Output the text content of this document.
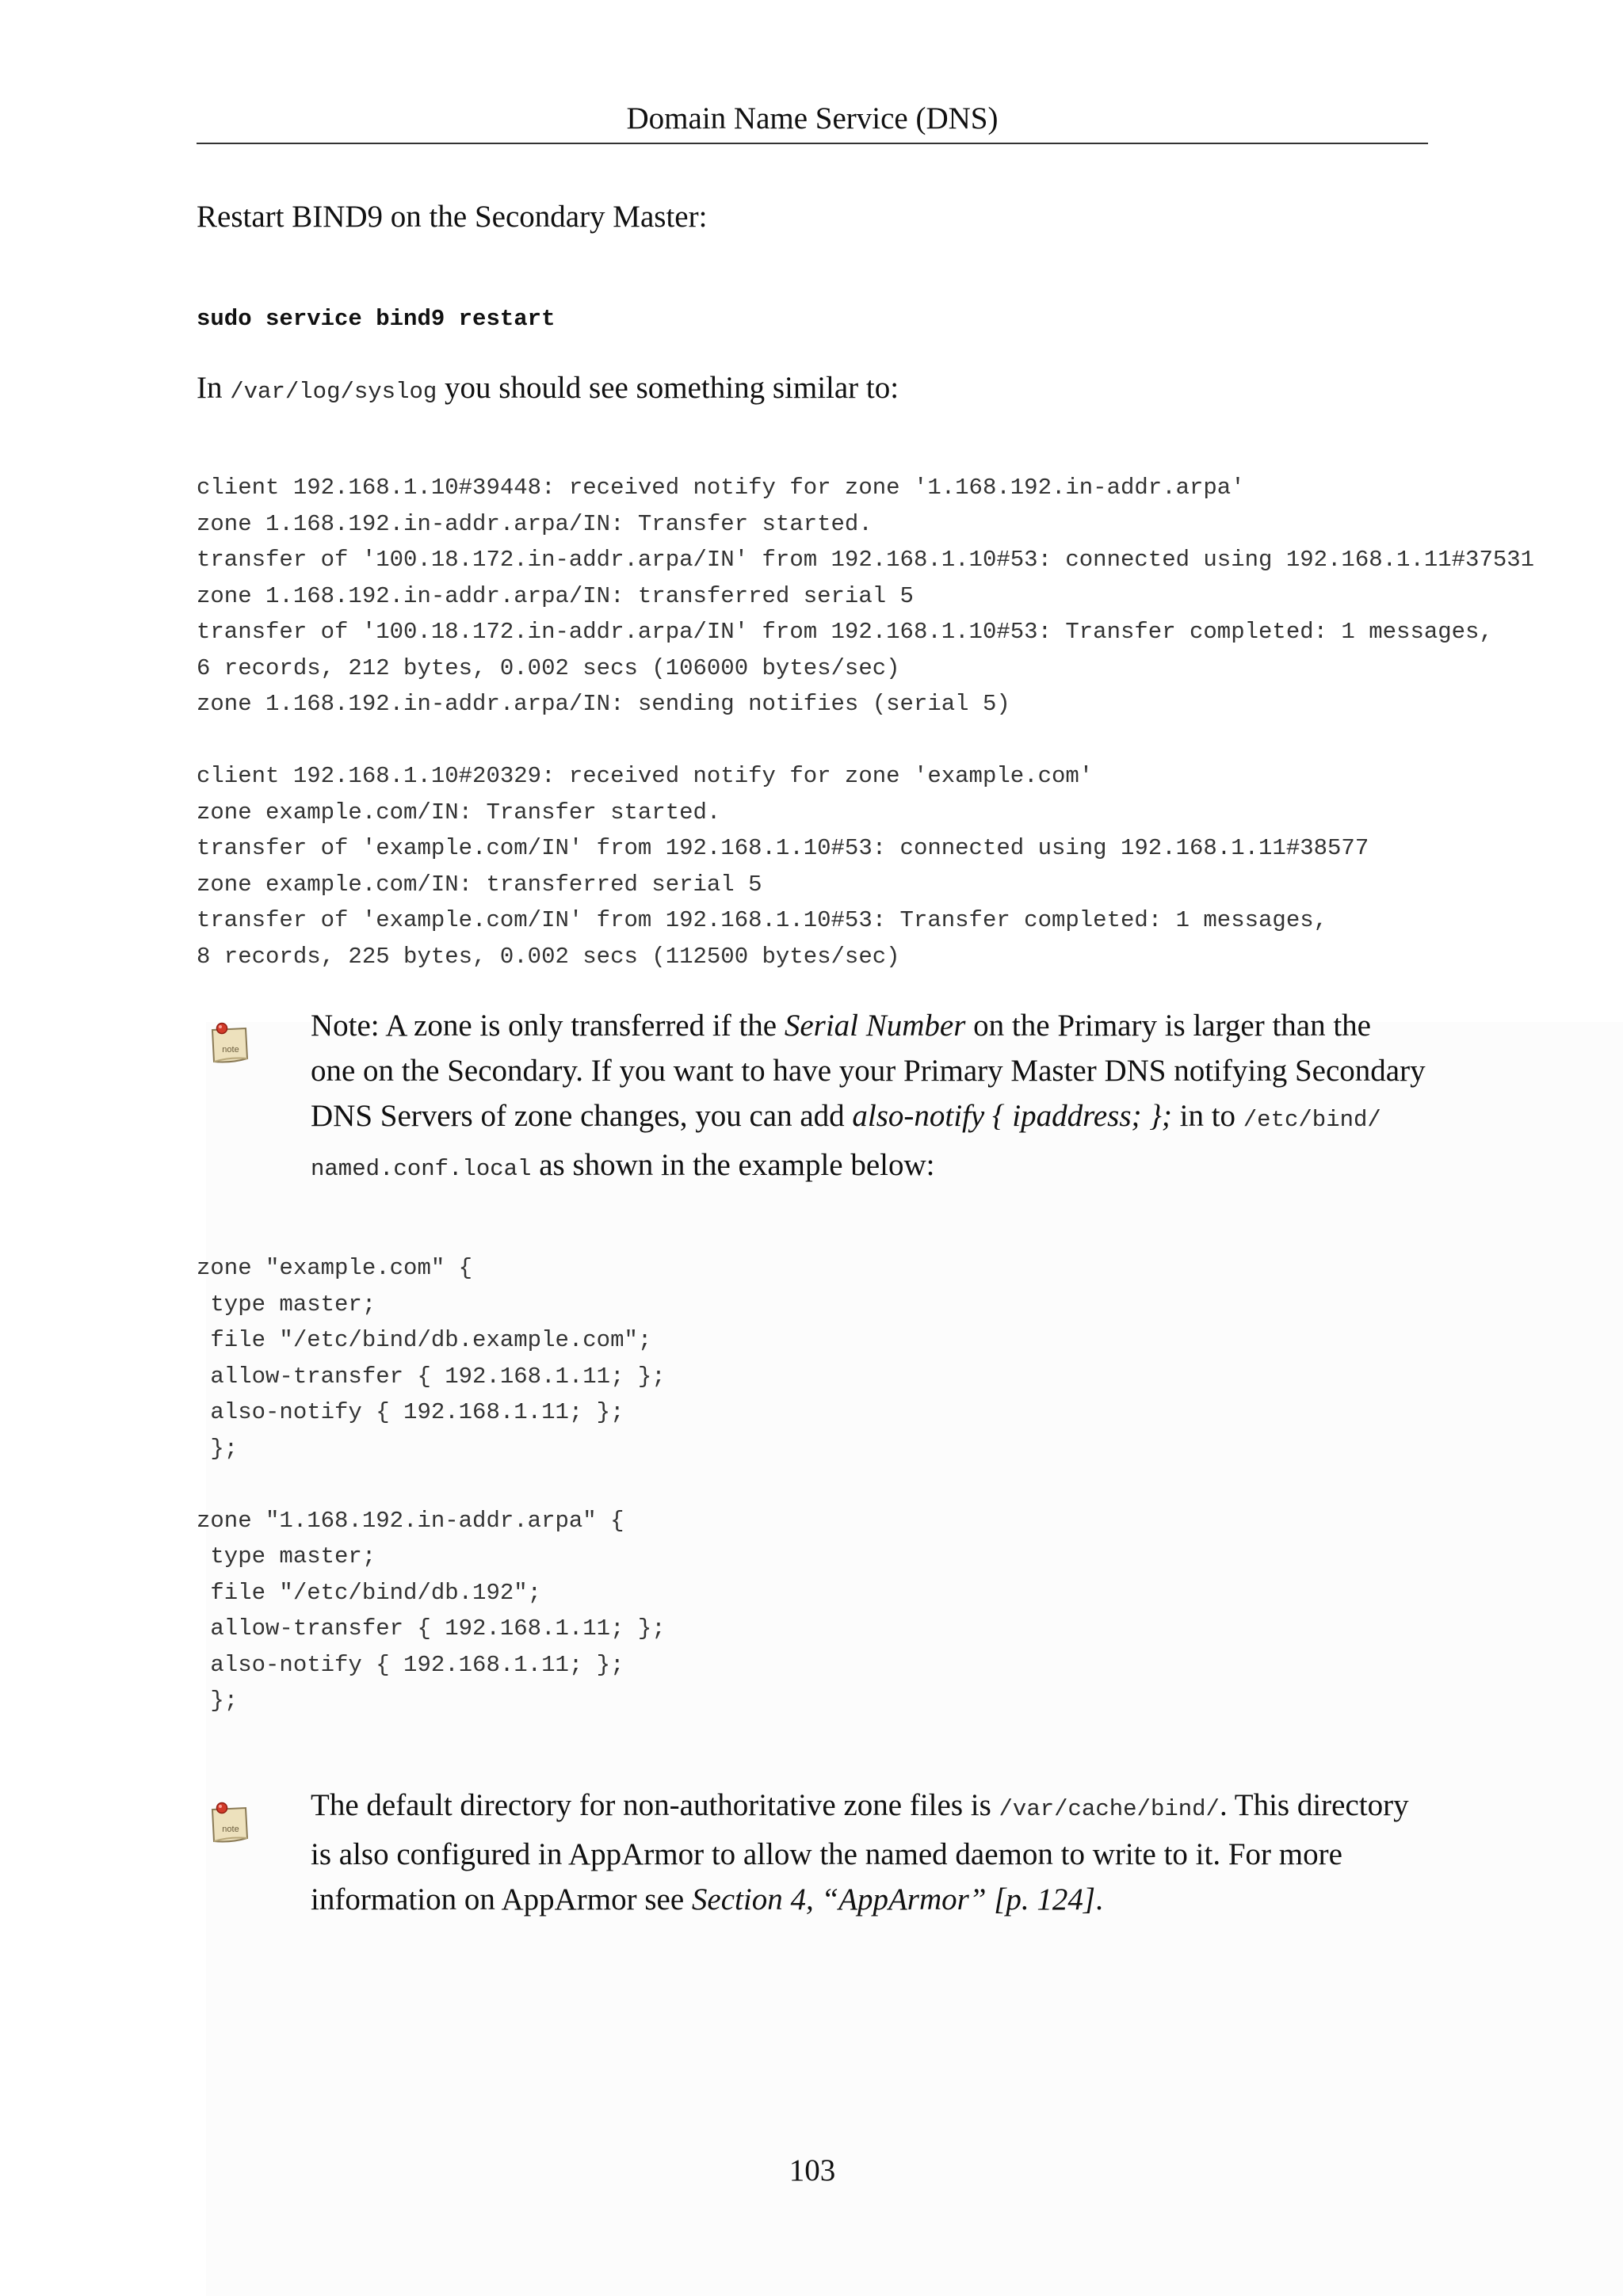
Domain Name Service (DNS)
Restart BIND9 on the Secondary Master:
sudo service bind9 restart
In /var/log/syslog you should see something similar to:
client 192.168.1.10#39448: received notify for zone '1.168.192.in-addr.arpa'
zone 1.168.192.in-addr.arpa/IN: Transfer started.
transfer of '100.18.172.in-addr.arpa/IN' from 192.168.1.10#53: connected using 192.168.1.11#37531
zone 1.168.192.in-addr.arpa/IN: transferred serial 5
transfer of '100.18.172.in-addr.arpa/IN' from 192.168.1.10#53: Transfer completed: 1 messages,
6 records, 212 bytes, 0.002 secs (106000 bytes/sec)
zone 1.168.192.in-addr.arpa/IN: sending notifies (serial 5)
client 192.168.1.10#20329: received notify for zone 'example.com'
zone example.com/IN: Transfer started.
transfer of 'example.com/IN' from 192.168.1.10#53: connected using 192.168.1.11#38577
zone example.com/IN: transferred serial 5
transfer of 'example.com/IN' from 192.168.1.10#53: Transfer completed: 1 messages,
8 records, 225 bytes, 0.002 secs (112500 bytes/sec)
note
Note: A zone is only transferred if the Serial Number on the Primary is larger than the
one on the Secondary. If you want to have your Primary Master DNS notifying Secondary
DNS Servers of zone changes, you can add also-notify { ipaddress; }; in to /etc/bind/
named.conf.local as shown in the example below:
zone "example.com" {
type master;
file "/etc/bind/db.example.com";
allow-transfer { 192.168.1.11; };
also-notify { 192.168.1.11; };
};
zone "1.168.192.in-addr.arpa" {
type master;
file "/etc/bind/db.192";
allow-transfer { 192.168.1.11; };
also-notify { 192.168.1.11; };
};
note
The default directory for non-authoritative zone files is /var/cache/bind/. This directory
is also configured in AppArmor to allow the named daemon to write to it. For more
information on AppArmor see Section 4, “AppArmor” [p. 124].
103
